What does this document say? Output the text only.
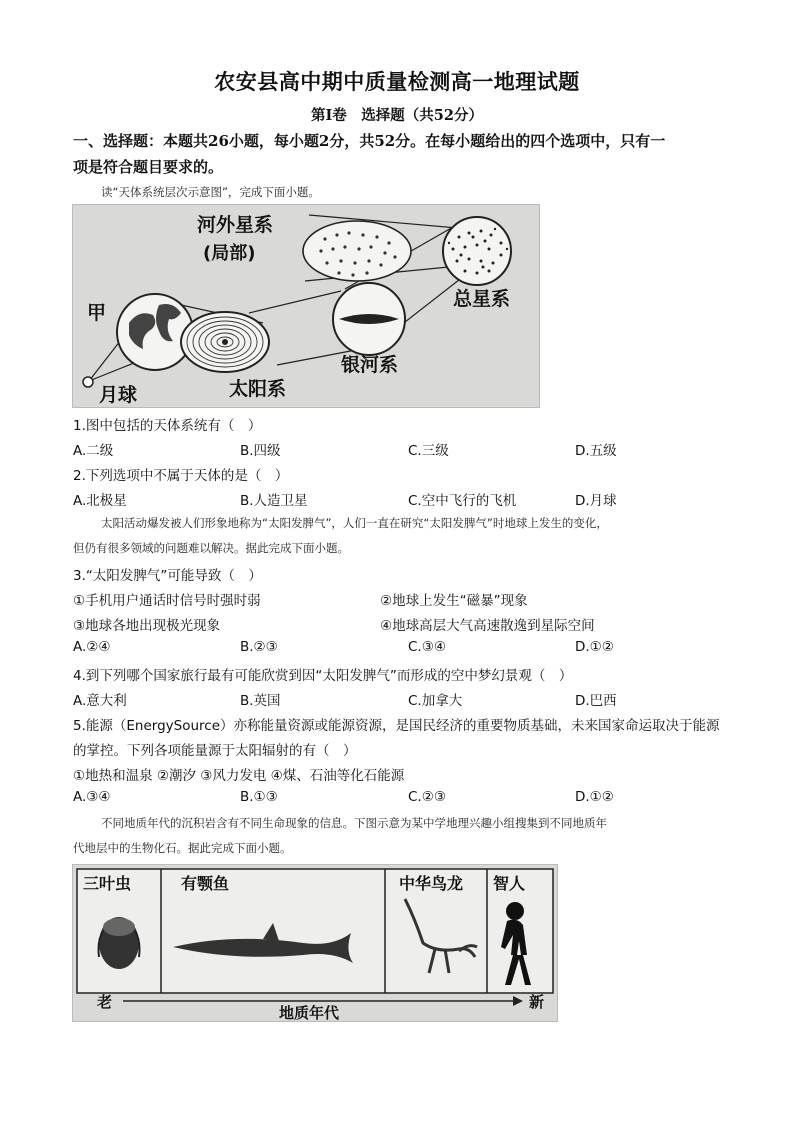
农安县高中期中质量检测高一地理试题
第Ⅰ卷　选择题（共52分）
一、选择题：本题共26小题，每小题2分，共52分。在每小题给出的四个选项中，只有一
项是符合题目要求的。
读“天体系统层次示意图”，完成下面小题。
河外星系
(局部)
总星系
甲
银河系
月球	太阳系
1.图中包括的天体系统有（　）
A.二级	B.四级	C.三级	D.五级
2.下列选项中不属于天体的是（　）
A.北极星	B.人造卫星	C.空中飞行的飞机	D.月球
太阳活动爆发被人们形象地称为“太阳发脾气”，人们一直在研究“太阳发脾气”时地球上发生的变化，
但仍有很多领域的问题难以解决。据此完成下面小题。
3.“太阳发脾气”可能导致（　）
①手机用户通话时信号时强时弱	②地球上发生“磁暴”现象
③地球各地出现极光现象	④地球高层大气高速散逸到星际空间
A.②④	B.②③	C.③④	D.①②
4.到下列哪个国家旅行最有可能欣赏到因“太阳发脾气”而形成的空中梦幻景观（　）
A.意大利	B.英国	C.加拿大	D.巴西
5.能源（EnergySource）亦称能量资源或能源资源，是国民经济的重要物质基础，未来国家命运取决于能源
的掌控。下列各项能量源于太阳辐射的有（　）
①地热和温泉 ②潮汐 ③风力发电 ④煤、石油等化石能源
A.③④	B.①③	C.②③	D.①②
不同地质年代的沉积岩含有不同生命现象的信息。下图示意为某中学地理兴趣小组搜集到不同地质年
代地层中的生物化石。据此完成下面小题。
三叶虫	有颚鱼	中华鸟龙 智人
老	新
地质年代
